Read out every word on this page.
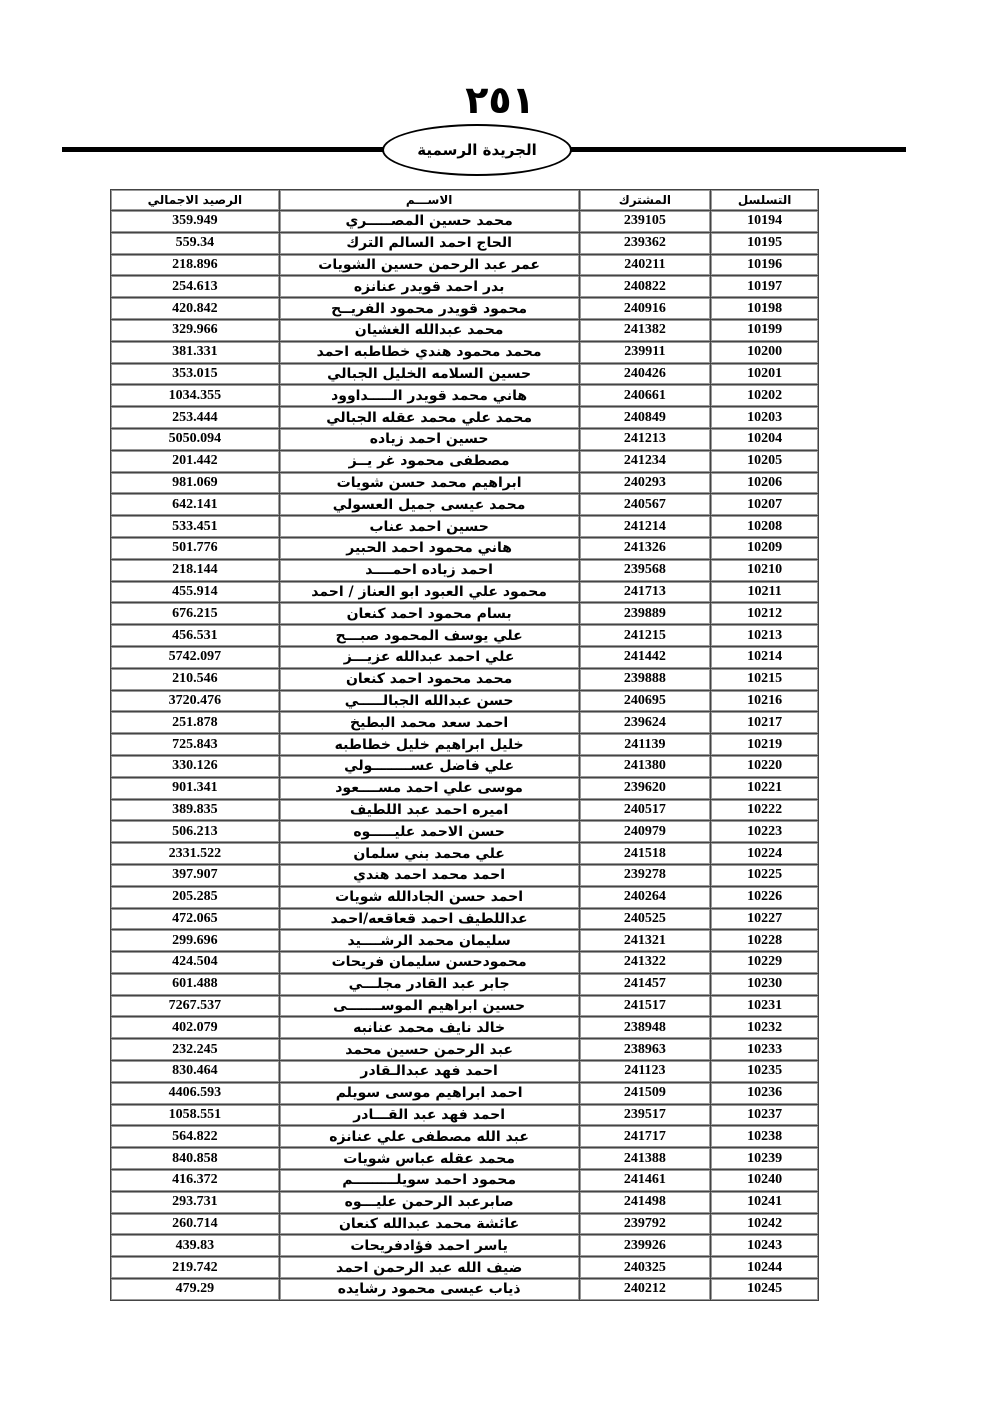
٢٥١
الجريدة الرسمية
التسلسل	المشترك	الاســـم	الرصيد الاجمالي
10194	239105	محمد حسين المصـــــري	359.949
10195	239362	الحاج احمد السالم الترك	559.34
10196	240211	عمر عبد الرحمن حسين الشويات	218.896
10197	240822	بدر احمد قويدر عنانزه	254.613
10198	240916	محمود قويدر محمود الفريــح	420.842
10199	241382	محمد عبدالله الغشيان	329.966
10200	239911	محمد محمود هندي خطاطبه احمد	381.331
10201	240426	حسين السلامه الخليل الجبالي	353.015
10202	240661	هاني محمد قويدر الـــــداوود	1034.355
10203	240849	محمد علي محمد عقله الجبالي	253.444
10204	241213	حسين احمد زياده	5050.094
10205	241234	مصطفى محمود غر يــز	201.442
10206	240293	ابراهيم محمد حسن شويات	981.069
10207	240567	محمد عيسى جميل العسولي	642.141
10208	241214	حسين احمد عناب	533.451
10209	241326	هاني محمود احمد الحبير	501.776
10210	239568	احمد زياده احمــــد	218.144
10211	241713	محمود علي العبود ابو العناز / احمد	455.914
10212	239889	بسام محمود احمد كنعان	676.215
10213	241215	علي يوسف المحمود صبـــح	456.531
10214	241442	علي احمد عبدالله عزيـــز	5742.097
10215	239888	محمد محمود احمد كنعان	210.546
10216	240695	حسن عبدالله الجبالـــــي	3720.476
10217	239624	احمد سعد محمد البطيخ	251.878
10219	241139	خليل ابراهيم خليل خطاطبه	725.843
10220	241380	علي فاضل عســــــــولي	330.126
10221	239620	موسى علي احمد مســــعود	901.341
10222	240517	اميره احمد عبد اللطيف	389.835
10223	240979	حسن الاحمد عليـــــوه	506.213
10224	241518	علي محمد بني سلمان	2331.522
10225	239278	احمد محمد احمد هندي	397.907
10226	240264	احمد حسن الجادالله شويات	205.285
10227	240525	عداللطيف احمد قعاقعه/احمد	472.065
10228	241321	سليمان محمد الرشــــيد	299.696
10229	241322	محمودحسن سليمان فريحات	424.504
10230	241457	جابر عبد القادر مجلـــي	601.488
10231	241517	حسين ابراهيم الموســـــــى	7267.537
10232	238948	خالد نايف محمد عنانبه	402.079
10233	238963	عبد الرحمن حسين محمد	232.245
10235	241123	احمد فهد عبدالـقادر	830.464
10236	241509	احمد ابراهيم موسى سويلم	4406.593
10237	239517	احمد فهد عبد القـــادر	1058.551
10238	241717	عبد الله مصطفى علي عنانزه	564.822
10239	241388	محمد عقله عباس شويات	840.858
10240	241461	محمود احمد سويلـــــــــم	416.372
10241	241498	صابرعبد الرحمن عليـــوه	293.731
10242	239792	عائشة محمد عبدالله كنعان	260.714
10243	239926	ياسر احمد فؤادفريحات	439.83
10244	240325	ضيف الله عبد الرحمن احمد	219.742
10245	240212	ذياب عيسى محمود رشايده	479.29
